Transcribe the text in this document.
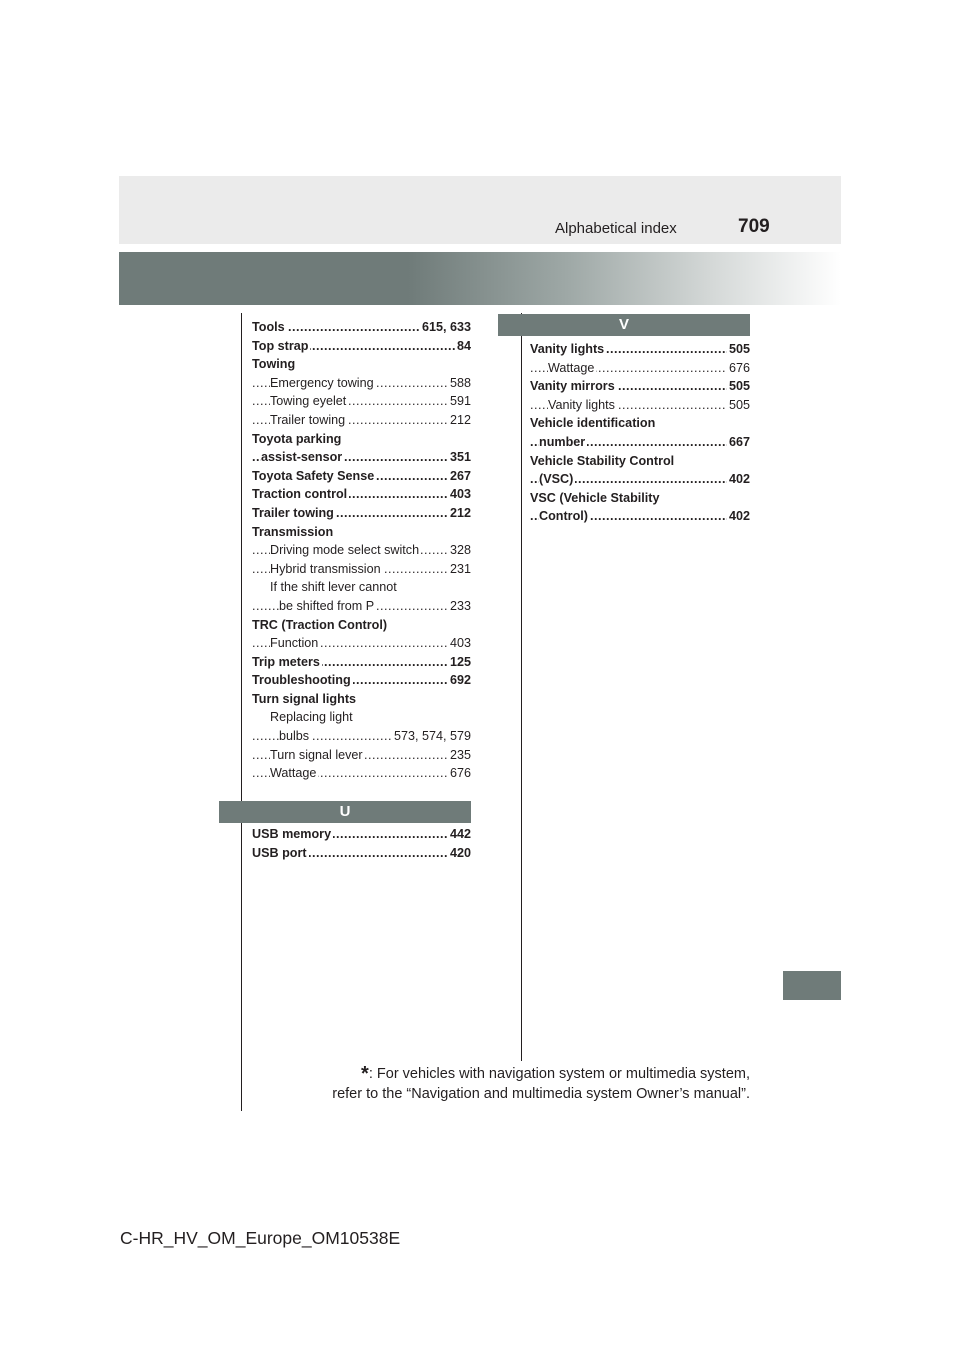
Alphabetical index	709
..... Tools	615, 633
..... Top strap	84
Towing
..... Emergency towing	588
..... Towing eyelet	591
..... Trailer towing	212
Toyota parking
..... assist-sensor	351
..... Toyota Safety Sense	267
..... Traction control	403
..... Trailer towing	212
Transmission
..... Driving mode select switch 328
..... Hybrid transmission	231
If the shift lever cannot
..... be shifted from P	233
TRC (Traction Control)
..... Function	403
..... Trip meters	125
..... Troubleshooting	692
Turn signal lights
Replacing light
..... bulbs	573, 574, 579
..... Turn signal lever	235
..... Wattage	676
U
..... USB memory	442
..... USB port	420
V
..... Vanity lights	505
..... Wattage	676
..... Vanity mirrors	505
..... Vanity lights	505
Vehicle identification
..... number	667
Vehicle Stability Control
..... (VSC)	402
VSC (Vehicle Stability
..... Control)	402
*: For vehicles with navigation system or multimedia system,
refer to the “Navigation and multimedia system Owner’s manual”.
C-HR_HV_OM_Europe_OM10538E
